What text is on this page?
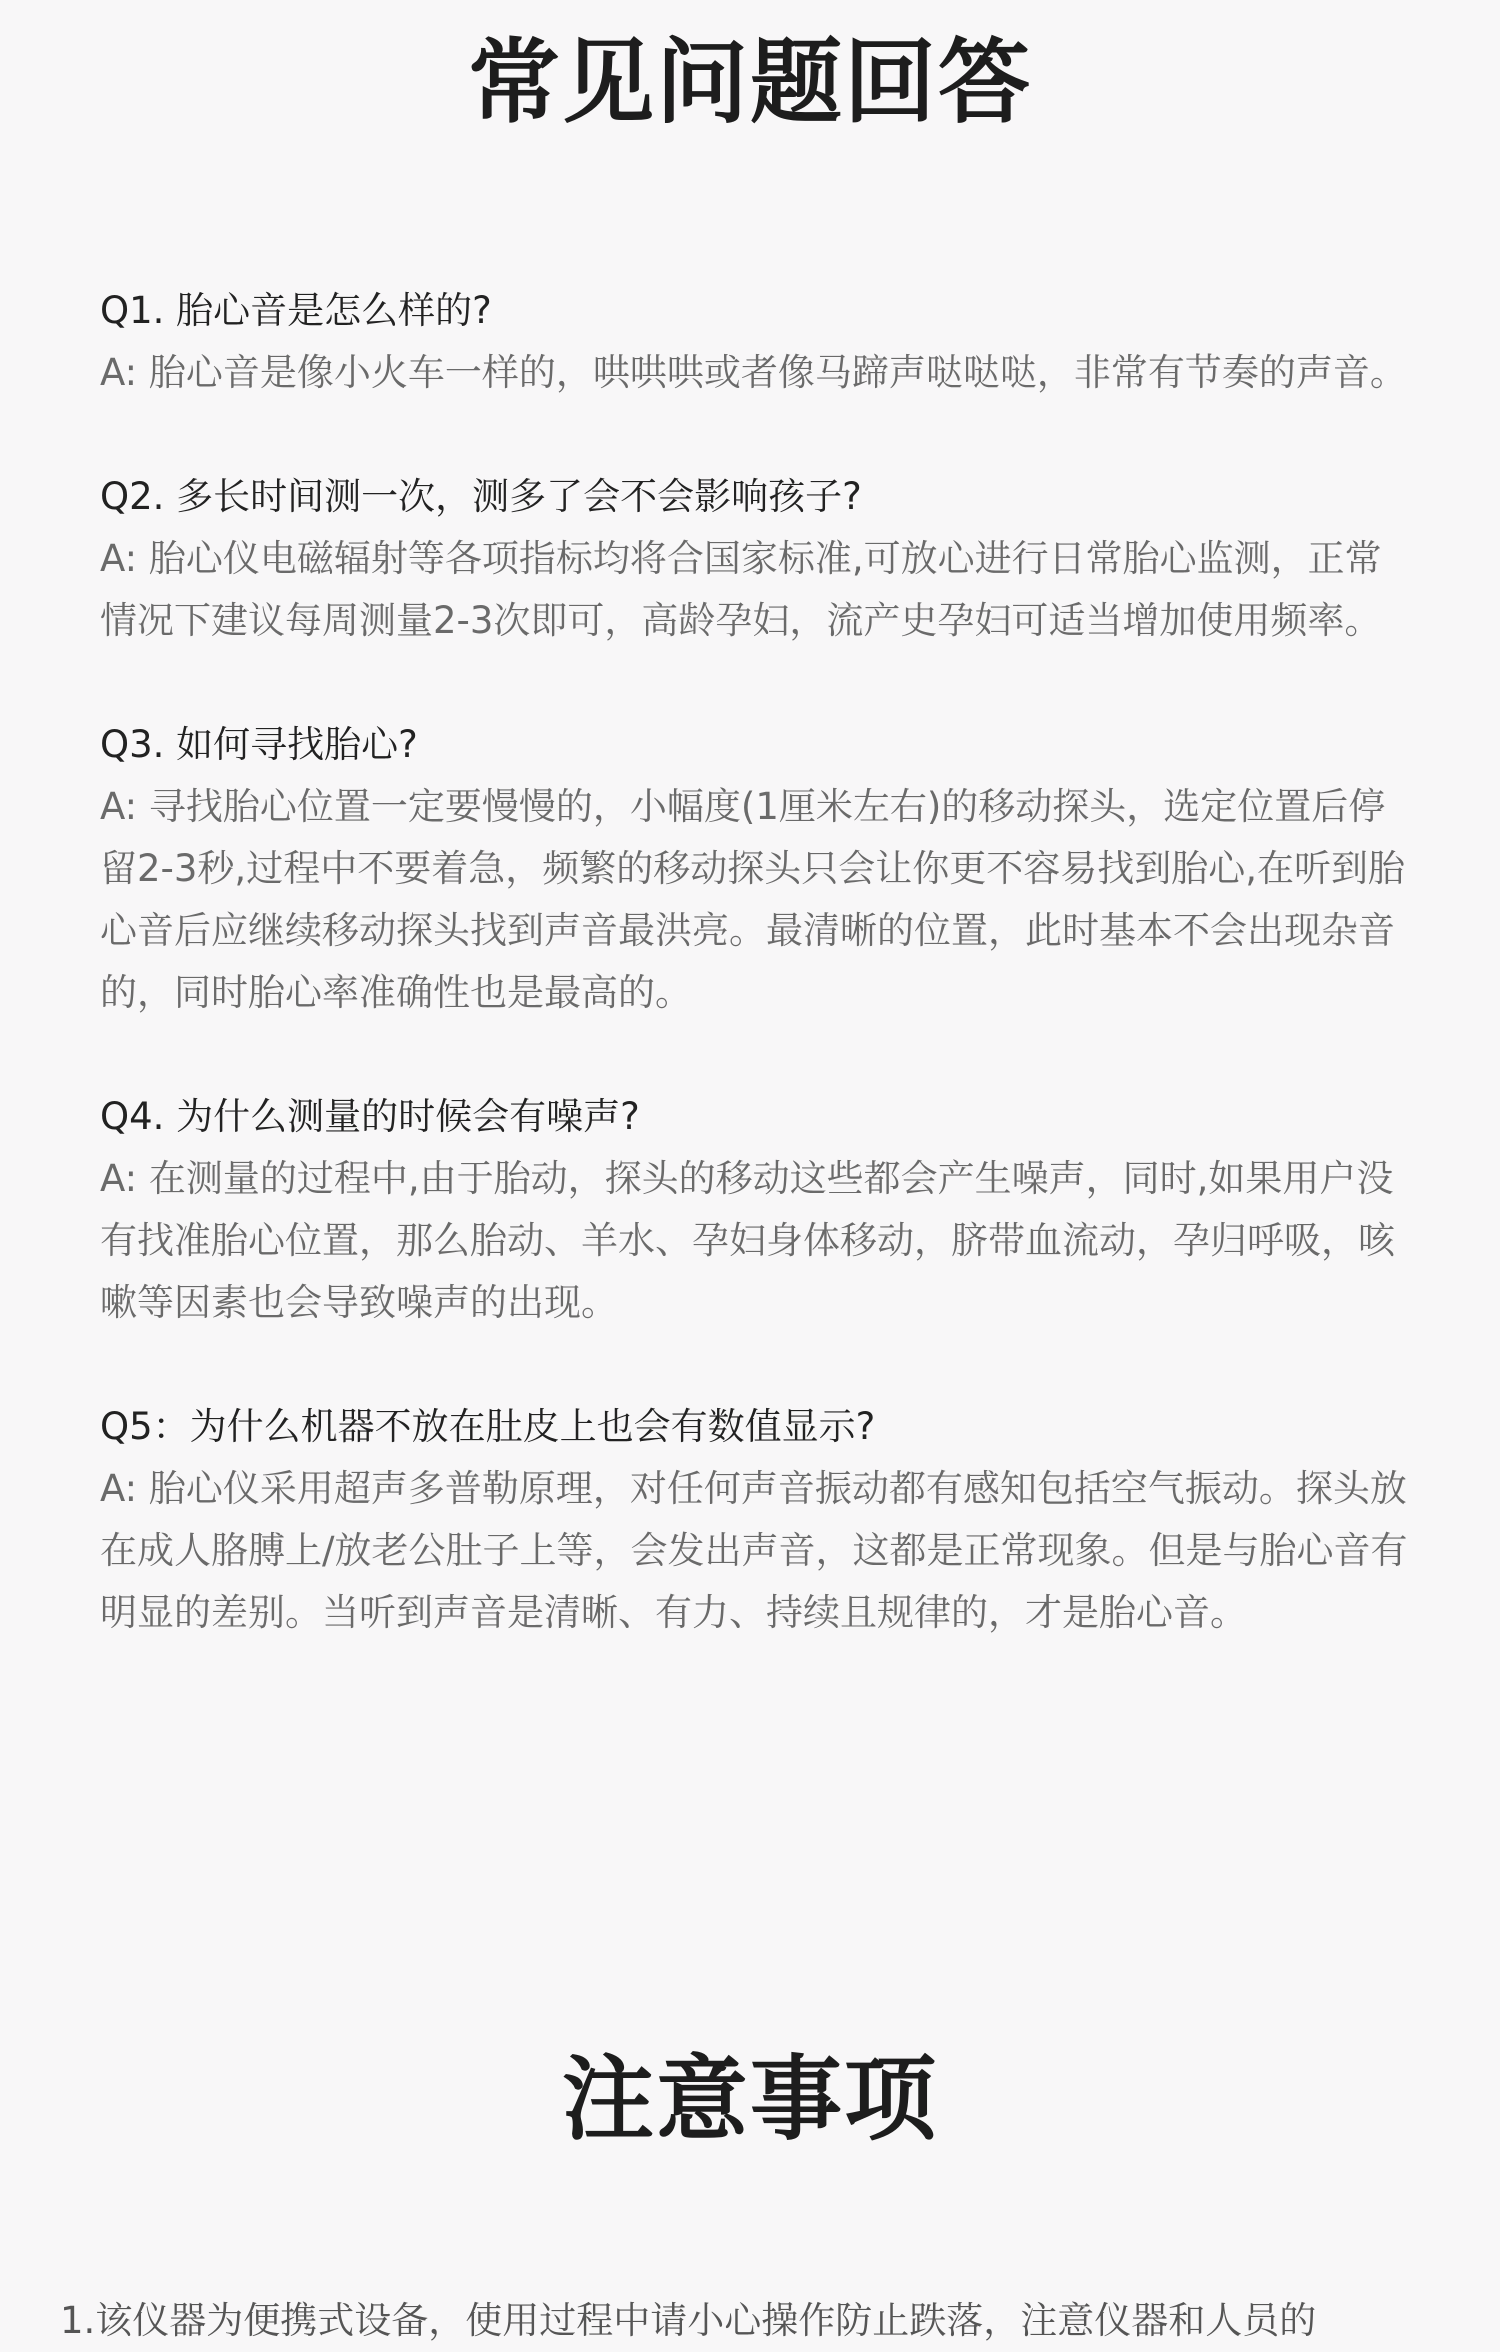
常见问题回答
Q1. 胎心音是怎么样的?
A: 胎心音是像小火车一样的，哄哄哄或者像马蹄声哒哒哒，非常有节奏的声音。
Q2. 多长时间测一次，测多了会不会影响孩子?
A: 胎心仪电磁辐射等各项指标均将合国家标准,可放心进行日常胎心监测，正常情况下建议每周测量2-3次即可，高龄孕妇，流产史孕妇可适当增加使用频率。
Q3. 如何寻找胎心?
A: 寻找胎心位置一定要慢慢的，小幅度(1厘米左右)的移动探头，选定位置后停留2-3秒,过程中不要着急，频繁的移动探头只会让你更不容易找到胎心,在听到胎心音后应继续移动探头找到声音最洪亮。最清晰的位置，此时基本不会出现杂音的，同时胎心率准确性也是最高的。
Q4. 为什么测量的时候会有噪声?
A: 在测量的过程中,由于胎动，探头的移动这些都会产生噪声，同时,如果用户没有找准胎心位置，那么胎动、羊水、孕妇身体移动，脐带血流动，孕归呼吸，咳嗽等因素也会导致噪声的出现。
Q5：为什么机器不放在肚皮上也会有数值显示?
A: 胎心仪采用超声多普勒原理，对任何声音振动都有感知包括空气振动。探头放在成人胳膊上/放老公肚子上等，会发出声音，这都是正常现象。但是与胎心音有明显的差别。当听到声音是清晰、有力、持续且规律的，才是胎心音。
注意事项
1.该仪器为便携式设备，使用过程中请小心操作防止跌落，注意仪器和人员的
